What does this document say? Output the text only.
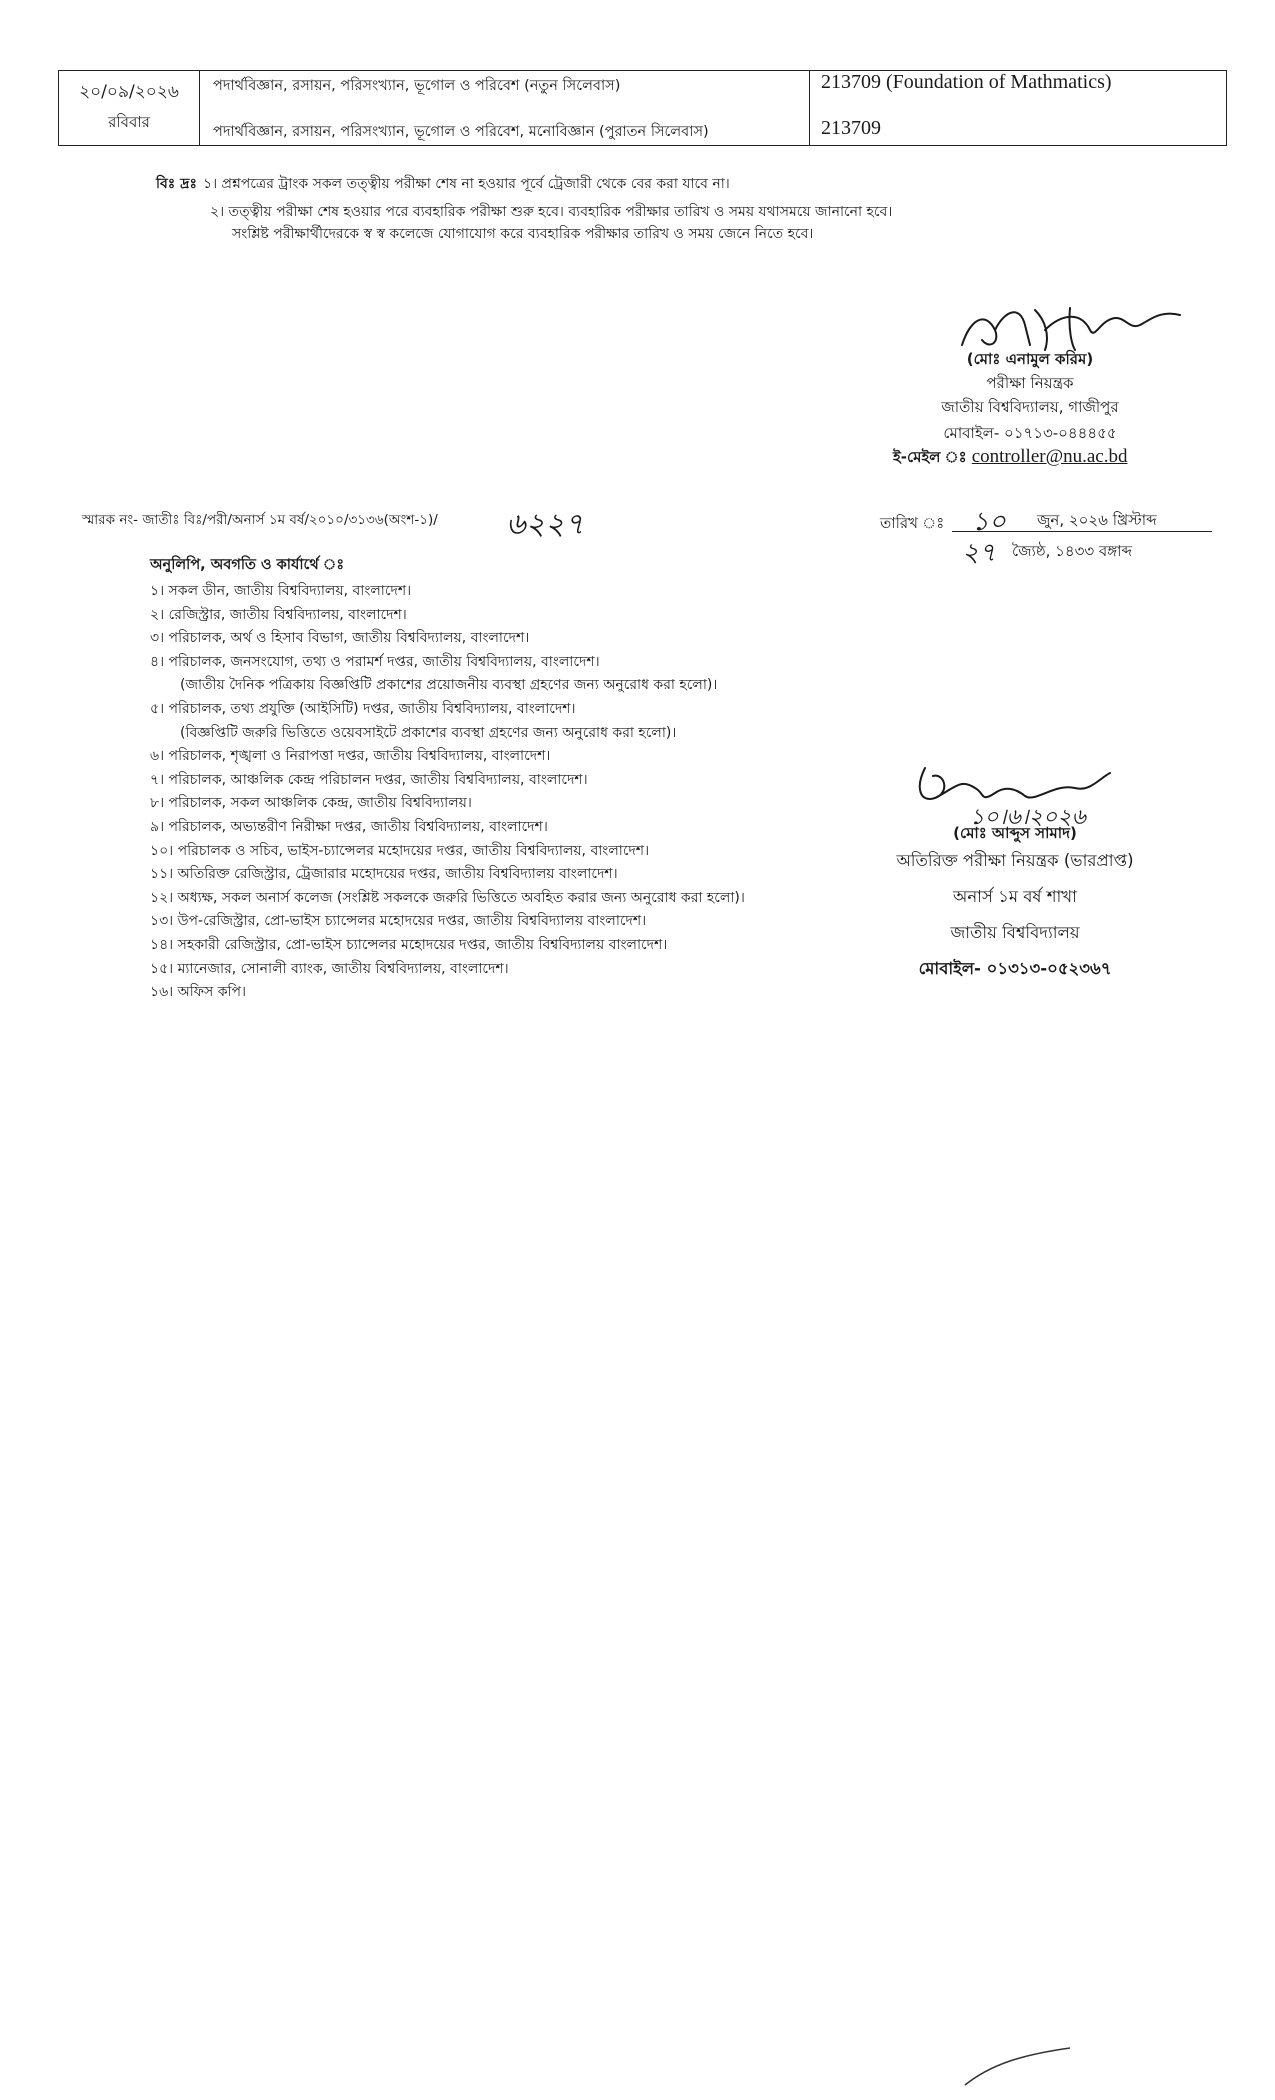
২০/০৯/২০২৬
রবিবার
পদার্থবিজ্ঞান, রসায়ন, পরিসংখ্যান, ভূগোল ও পরিবেশ (নতুন সিলেবাস)	213709 (Foundation of Mathmatics)
পদার্থবিজ্ঞান, রসায়ন, পরিসংখ্যান, ভূগোল ও পরিবেশ, মনোবিজ্ঞান (পুরাতন সিলেবাস)	213709
বিঃ দ্রঃ ১। প্রশ্নপত্রের ট্রাংক সকল তত্ত্বীয় পরীক্ষা শেষ না হওয়ার পূর্বে ট্রেজারী থেকে বের করা যাবে না।
২। তত্ত্বীয় পরীক্ষা শেষ হওয়ার পরে ব্যবহারিক পরীক্ষা শুরু হবে। ব্যবহারিক পরীক্ষার তারিখ ও সময় যথাসময়ে জানানো হবে।
সংশ্লিষ্ট পরীক্ষার্থীদেরকে স্ব স্ব কলেজে যোগাযোগ করে ব্যবহারিক পরীক্ষার তারিখ ও সময় জেনে নিতে হবে।
(মোঃ এনামুল করিম)
পরীক্ষা নিয়ন্ত্রক
জাতীয় বিশ্ববিদ্যালয়, গাজীপুর
মোবাইল- ০১৭১৩-০৪৪৪৫৫
ই-মেইল ঃ controller@nu.ac.bd
স্মারক নং- জাতীঃ বিঃ/পরী/অনার্স ১ম বর্ষ/২০১০/৩১৩৬(অংশ-১)/ ৬২২৭	তারিখ ঃ ১০ জুন, ২০২৬ খ্রিস্টাব্দ
২৭ জ্যৈষ্ঠ, ১৪৩৩ বঙ্গাব্দ
অনুলিপি, অবগতি ও কার্যার্থে ঃ
১। সকল ডীন, জাতীয় বিশ্ববিদ্যালয়, বাংলাদেশ।
২। রেজিস্ট্রার, জাতীয় বিশ্ববিদ্যালয়, বাংলাদেশ।
৩। পরিচালক, অর্থ ও হিসাব বিভাগ, জাতীয় বিশ্ববিদ্যালয়, বাংলাদেশ।
৪। পরিচালক, জনসংযোগ, তথ্য ও পরামর্শ দপ্তর, জাতীয় বিশ্ববিদ্যালয়, বাংলাদেশ।
(জাতীয় দৈনিক পত্রিকায় বিজ্ঞপ্তিটি প্রকাশের প্রয়োজনীয় ব্যবস্থা গ্রহণের জন্য অনুরোধ করা হলো)।
৫। পরিচালক, তথ্য প্রযুক্তি (আইসিটি) দপ্তর, জাতীয় বিশ্ববিদ্যালয়, বাংলাদেশ।
(বিজ্ঞপ্তিটি জরুরি ভিত্তিতে ওয়েবসাইটে প্রকাশের ব্যবস্থা গ্রহণের জন্য অনুরোধ করা হলো)।
৬। পরিচালক, শৃঙ্খলা ও নিরাপত্তা দপ্তর, জাতীয় বিশ্ববিদ্যালয়, বাংলাদেশ।
৭। পরিচালক, আঞ্চলিক কেন্দ্র পরিচালন দপ্তর, জাতীয় বিশ্ববিদ্যালয়, বাংলাদেশ।
৮। পরিচালক, সকল আঞ্চলিক কেন্দ্র, জাতীয় বিশ্ববিদ্যালয়।
৯। পরিচালক, অভ্যন্তরীণ নিরীক্ষা দপ্তর, জাতীয় বিশ্ববিদ্যালয়, বাংলাদেশ।
১০। পরিচালক ও সচিব, ভাইস-চ্যান্সেলর মহোদয়ের দপ্তর, জাতীয় বিশ্ববিদ্যালয়, বাংলাদেশ।
১১। অতিরিক্ত রেজিস্ট্রার, ট্রেজারার মহোদয়ের দপ্তর, জাতীয় বিশ্ববিদ্যালয় বাংলাদেশ।
১২। অধ্যক্ষ, সকল অনার্স কলেজ (সংশ্লিষ্ট সকলকে জরুরি ভিত্তিতে অবহিত করার জন্য অনুরোধ করা হলো)।
১৩। উপ-রেজিস্ট্রার, প্রো-ভাইস চ্যান্সেলর মহোদয়ের দপ্তর, জাতীয় বিশ্ববিদ্যালয় বাংলাদেশ।
১৪। সহকারী রেজিস্ট্রার, প্রো-ভাইস চ্যান্সেলর মহোদয়ের দপ্তর, জাতীয় বিশ্ববিদ্যালয় বাংলাদেশ।
১৫। ম্যানেজার, সোনালী ব্যাংক, জাতীয় বিশ্ববিদ্যালয়, বাংলাদেশ।
১৬। অফিস কপি।
১০।৬।২০২৬
(মোঃ আব্দুস সামাদ)
অতিরিক্ত পরীক্ষা নিয়ন্ত্রক (ভারপ্রাপ্ত)
অনার্স ১ম বর্ষ শাখা
জাতীয় বিশ্ববিদ্যালয়
মোবাইল- ০১৩১৩-০৫২৩৬৭
